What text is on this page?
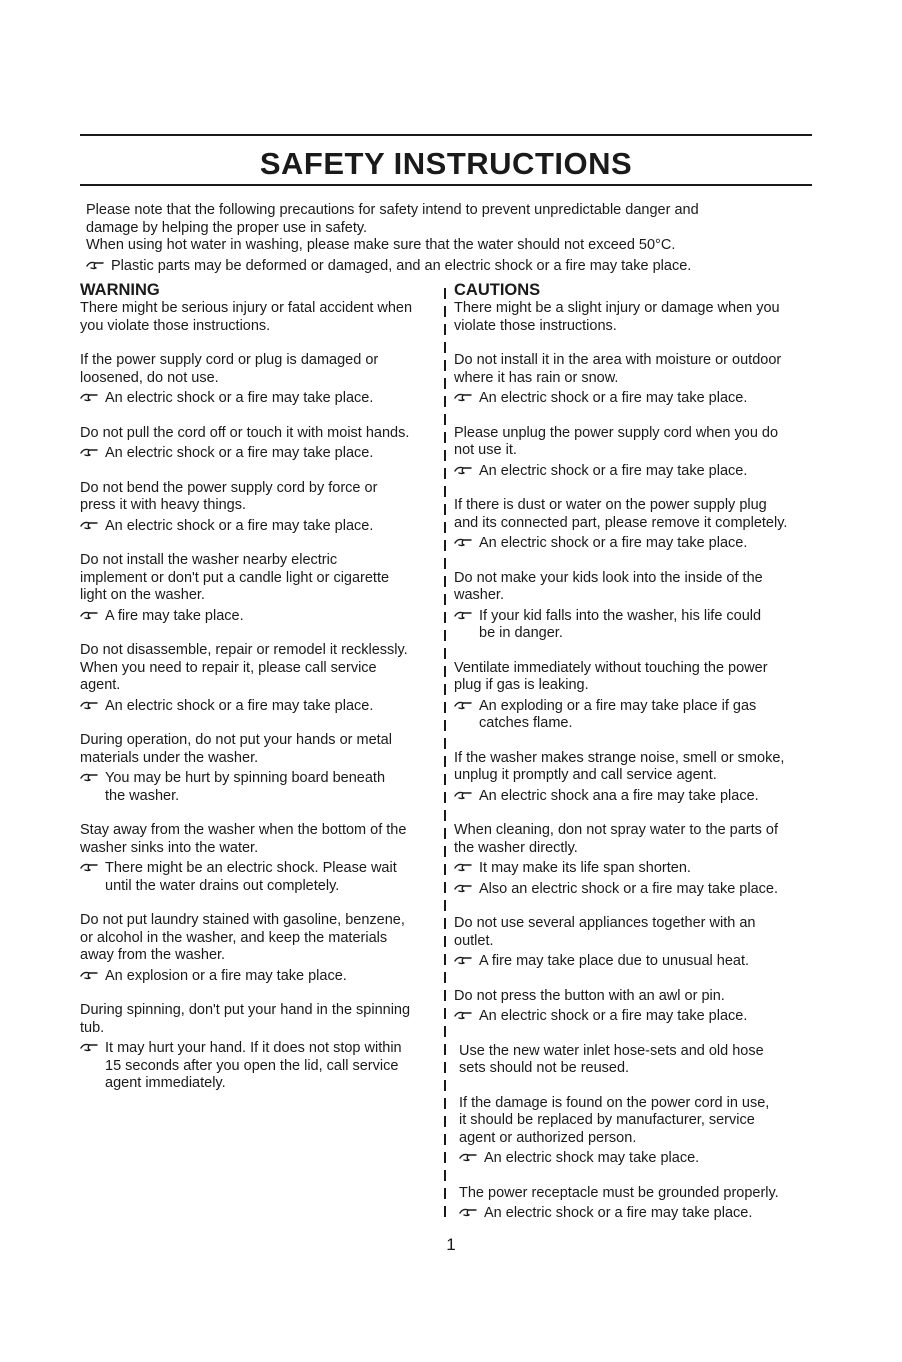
SAFETY INSTRUCTIONS
Please note that the following precautions for safety intend to prevent unpredictable danger and
damage by helping the proper use in safety.
When using hot water in washing, please make sure that the water should not exceed 50°C.
Plastic parts may be deformed or damaged, and an electric shock or a fire may take place.
WARNING
There might be serious injury or fatal accident when
you violate those instructions.
If the power supply cord or plug is damaged or
loosened, do not use.
An electric shock or a fire may take place.
Do not pull the cord off or touch it with moist hands.
An electric shock or a fire may take place.
Do not bend the power supply cord by force or
press it with heavy things.
An electric shock or a fire may take place.
Do not install the washer nearby electric
implement or don't put a candle light or cigarette
light on the washer.
A fire may take place.
Do not disassemble, repair or remodel it recklessly.
When you need to repair it, please call service
agent.
An electric shock or a fire may take place.
During operation, do not put your hands or metal
materials under the washer.
You may be hurt by spinning board beneath
the washer.
Stay away from the washer when the bottom of the
washer sinks into the water.
There might be an electric shock. Please wait
until the water drains out completely.
Do not put laundry stained with gasoline, benzene,
or alcohol in the washer, and keep the materials
away from the washer.
An explosion or a fire may take place.
During spinning, don't put your hand in the spinning
tub.
It may hurt your hand. If it does not stop within
15 seconds after you open the lid, call service
agent immediately.
CAUTIONS
There might be a slight injury or damage when you
violate those instructions.
Do not install it in the area with moisture or outdoor
where it has rain or snow.
An electric shock or a fire may take place.
Please unplug the power supply cord when you do
not use it.
An electric shock or a fire may take place.
If there is dust or water on the power supply plug
and its connected part, please remove it completely.
An electric shock or a fire may take place.
Do not make your kids look into the inside of the
washer.
If your kid falls into the washer, his life could
be in danger.
Ventilate immediately without touching the power
plug if gas is leaking.
An exploding or a fire may take place if gas
catches flame.
If the washer makes strange noise, smell or smoke,
unplug it promptly and call service agent.
An electric shock ana a fire may take place.
When cleaning, don not spray water to the parts of
the washer directly.
It may make its life span shorten.
Also an electric shock or a fire may take place.
Do not use several appliances together with an
outlet.
A fire may take place due to unusual heat.
Do not press the button with an awl or pin.
An electric shock or a fire may take place.
Use the new water inlet hose-sets and old hose
sets should not be reused.
If the damage is found on the power cord in use,
it should be replaced by manufacturer, service
agent or authorized person.
An electric shock may take place.
The power receptacle must be grounded properly.
An electric shock or a fire may take place.
1
